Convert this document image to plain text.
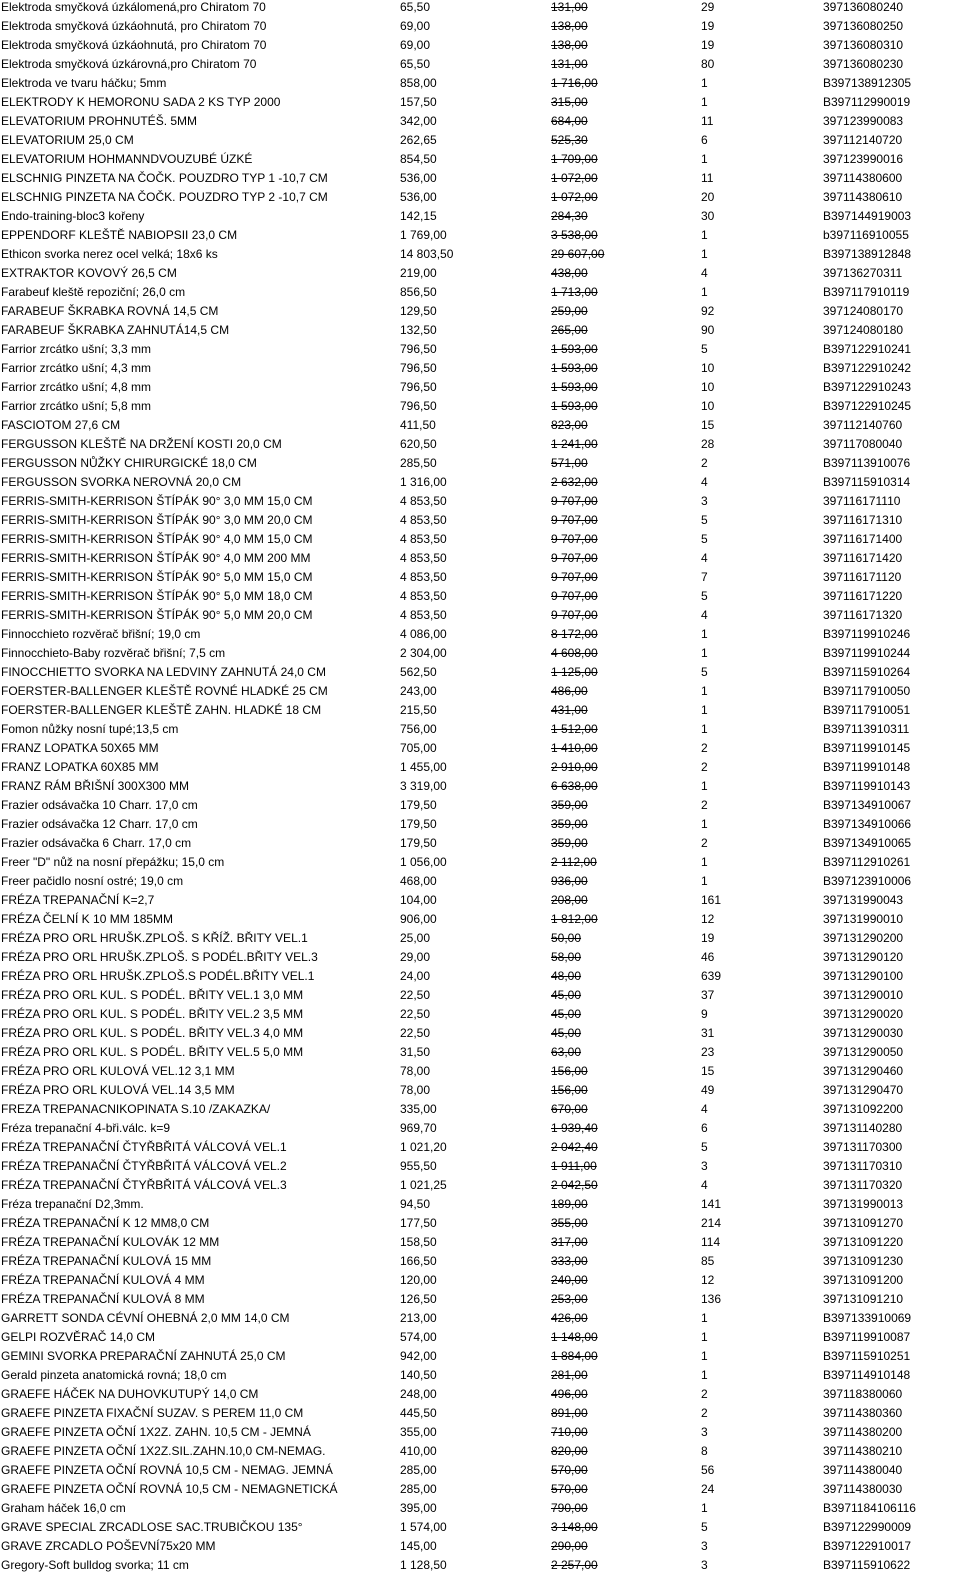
Elektroda smyčková úzkálomená,pro Chiratom 70	65,50	131,00	29	397136080240
Elektroda smyčková úzkáohnutá, pro Chiratom 70	69,00	138,00	19	397136080250
Elektroda smyčková úzkáohnutá, pro Chiratom 70	69,00	138,00	19	397136080310
Elektroda smyčková úzkárovná,pro Chiratom 70	65,50	131,00	80	397136080230
Elektroda ve tvaru háčku; 5mm	858,00	1 716,00	1	B397138912305
ELEKTRODY K HEMORONU SADA 2 KS TYP 2000	157,50	315,00	1	B397112990019
ELEVATORIUM PROHNUTÉŠ. 5MM	342,00	684,00	11	397123990083
ELEVATORIUM 25,0 CM	262,65	525,30	6	397112140720
ELEVATORIUM HOHMANNDVOUZUBÉ ÚZKÉ	854,50	1 709,00	1	397123990016
ELSCHNIG PINZETA NA ČOČK. POUZDRO TYP 1 -10,7 CM	536,00	1 072,00	11	397114380600
ELSCHNIG PINZETA NA ČOČK. POUZDRO TYP 2 -10,7 CM	536,00	1 072,00	20	397114380610
Endo-training-bloc3 kořeny	142,15	284,30	30	B397144919003
EPPENDORF KLEŠTĚ NABIOPSII 23,0 CM	1 769,00	3 538,00	1	b397116910055
Ethicon svorka nerez ocel velká; 18x6 ks	14 803,50	29 607,00	1	B397138912848
EXTRAKTOR KOVOVÝ 26,5 CM	219,00	438,00	4	397136270311
Farabeuf kleště repoziční; 26,0 cm	856,50	1 713,00	1	B397117910119
FARABEUF ŠKRABKA ROVNÁ 14,5 CM	129,50	259,00	92	397124080170
FARABEUF ŠKRABKA ZAHNUTÁ14,5 CM	132,50	265,00	90	397124080180
Farrior zrcátko ušní; 3,3 mm	796,50	1 593,00	5	B397122910241
Farrior zrcátko ušní; 4,3 mm	796,50	1 593,00	10	B397122910242
Farrior zrcátko ušní; 4,8 mm	796,50	1 593,00	10	B397122910243
Farrior zrcátko ušní; 5,8 mm	796,50	1 593,00	10	B397122910245
FASCIOTOM 27,6 CM	411,50	823,00	15	397112140760
FERGUSSON KLEŠTĚ NA DRŽENÍ KOSTI 20,0 CM	620,50	1 241,00	28	397117080040
FERGUSSON NŮŽKY CHIRURGICKÉ 18,0 CM	285,50	571,00	2	B397113910076
FERGUSSON SVORKA NEROVNÁ 20,0 CM	1 316,00	2 632,00	4	B397115910314
FERRIS-SMITH-KERRISON ŠTÍPÁK 90° 3,0 MM 15,0 CM	4 853,50	9 707,00	3	397116171110
FERRIS-SMITH-KERRISON ŠTÍPÁK 90° 3,0 MM 20,0 CM	4 853,50	9 707,00	5	397116171310
FERRIS-SMITH-KERRISON ŠTÍPÁK 90° 4,0 MM 15,0 CM	4 853,50	9 707,00	5	397116171400
FERRIS-SMITH-KERRISON ŠTÍPÁK 90° 4,0 MM 200 MM	4 853,50	9 707,00	4	397116171420
FERRIS-SMITH-KERRISON ŠTÍPÁK 90° 5,0 MM 15,0 CM	4 853,50	9 707,00	7	397116171120
FERRIS-SMITH-KERRISON ŠTÍPÁK 90° 5,0 MM 18,0 CM	4 853,50	9 707,00	5	397116171220
FERRIS-SMITH-KERRISON ŠTÍPÁK 90° 5,0 MM 20,0 CM	4 853,50	9 707,00	4	397116171320
Finnocchieto rozvěrač břišní; 19,0 cm	4 086,00	8 172,00	1	B397119910246
Finnocchieto-Baby rozvěrač břišní; 7,5 cm	2 304,00	4 608,00	1	B397119910244
FINOCCHIETTO SVORKA NA LEDVINY ZAHNUTÁ 24,0 CM	562,50	1 125,00	5	B397115910264
FOERSTER-BALLENGER KLEŠTĚ ROVNÉ HLADKÉ 25 CM	243,00	486,00	1	B397117910050
FOERSTER-BALLENGER KLEŠTĚ ZAHN. HLADKÉ 18 CM	215,50	431,00	1	B397117910051
Fomon nůžky nosní tupé;13,5 cm	756,00	1 512,00	1	B397113910311
FRANZ LOPATKA 50X65 MM	705,00	1 410,00	2	B397119910145
FRANZ LOPATKA 60X85 MM	1 455,00	2 910,00	2	B397119910148
FRANZ RÁM BŘIŠNÍ 300X300 MM	3 319,00	6 638,00	1	B397119910143
Frazier odsávačka 10 Charr. 17,0 cm	179,50	359,00	2	B397134910067
Frazier odsávačka 12 Charr. 17,0 cm	179,50	359,00	1	B397134910066
Frazier odsávačka 6 Charr. 17,0 cm	179,50	359,00	2	B397134910065
Freer "D" nůž na nosní přepážku; 15,0 cm	1 056,00	2 112,00	1	B397112910261
Freer pačidlo nosní ostré; 19,0 cm	468,00	936,00	1	B397123910006
FRÉZA TREPANAČNÍ K=2,7	104,00	208,00	161	397131990043
FRÉZA ČELNÍ K 10 MM 185MM	906,00	1 812,00	12	397131990010
FRÉZA PRO ORL HRUŠK.ZPLOŠ. S KŘÍŽ. BŘITY VEL.1	25,00	50,00	19	397131290200
FRÉZA PRO ORL HRUŠK.ZPLOŠ. S PODÉL.BŘITY VEL.3	29,00	58,00	46	397131290120
FRÉZA PRO ORL HRUŠK.ZPLOŠ.S PODÉL.BŘITY VEL.1	24,00	48,00	639	397131290100
FRÉZA PRO ORL KUL. S PODÉL. BŘITY VEL.1 3,0 MM	22,50	45,00	37	397131290010
FRÉZA PRO ORL KUL. S PODÉL. BŘITY VEL.2 3,5 MM	22,50	45,00	9	397131290020
FRÉZA PRO ORL KUL. S PODÉL. BŘITY VEL.3 4,0 MM	22,50	45,00	31	397131290030
FRÉZA PRO ORL KUL. S PODÉL. BŘITY VEL.5 5,0 MM	31,50	63,00	23	397131290050
FRÉZA PRO ORL KULOVÁ VEL.12 3,1 MM	78,00	156,00	15	397131290460
FRÉZA PRO ORL KULOVÁ VEL.14 3,5 MM	78,00	156,00	49	397131290470
FREZA TREPANACNIKOPINATA S.10 /ZAKAZKA/	335,00	670,00	4	397131092200
Fréza trepanační 4-bři.válc. k=9	969,70	1 939,40	6	397131140280
FRÉZA TREPANAČNÍ ČTYŘBŘITÁ VÁLCOVÁ VEL.1	1 021,20	2 042,40	5	397131170300
FRÉZA TREPANAČNÍ ČTYŘBŘITÁ VÁLCOVÁ VEL.2	955,50	1 911,00	3	397131170310
FRÉZA TREPANAČNÍ ČTYŘBŘITÁ VÁLCOVÁ VEL.3	1 021,25	2 042,50	4	397131170320
Fréza trepanační D2,3mm.	94,50	189,00	141	397131990013
FRÉZA TREPANAČNÍ K 12 MM8,0 CM	177,50	355,00	214	397131091270
FRÉZA TREPANAČNÍ KULOVÁK 12 MM	158,50	317,00	114	397131091220
FRÉZA TREPANAČNÍ KULOVÁ 15 MM	166,50	333,00	85	397131091230
FRÉZA TREPANAČNÍ KULOVÁ 4 MM	120,00	240,00	12	397131091200
FRÉZA TREPANAČNÍ KULOVÁ 8 MM	126,50	253,00	136	397131091210
GARRETT SONDA CÉVNÍ OHEBNÁ 2,0 MM 14,0 CM	213,00	426,00	1	B397133910069
GELPI ROZVĚRAČ 14,0 CM	574,00	1 148,00	1	B397119910087
GEMINI SVORKA PREPARAČNÍ ZAHNUTÁ 25,0 CM	942,00	1 884,00	1	B397115910251
Gerald pinzeta anatomická rovná; 18,0 cm	140,50	281,00	1	B397114910148
GRAEFE HÁČEK NA DUHOVKUTUPÝ 14,0 CM	248,00	496,00	2	397118380060
GRAEFE PINZETA FIXAČNÍ SUZAV. S PEREM 11,0 CM	445,50	891,00	2	397114380360
GRAEFE PINZETA OČNÍ 1X2Z. ZAHN. 10,5 CM - JEMNÁ	355,00	710,00	3	397114380200
GRAEFE PINZETA OČNÍ 1X2Z.SIL.ZAHN.10,0 CM-NEMAG.	410,00	820,00	8	397114380210
GRAEFE PINZETA OČNÍ ROVNÁ 10,5 CM - NEMAG. JEMNÁ	285,00	570,00	56	397114380040
GRAEFE PINZETA OČNÍ ROVNÁ 10,5 CM - NEMAGNETICKÁ	285,00	570,00	24	397114380030
Graham háček 16,0 cm	395,00	790,00	1	B3971184106116
GRAVE SPECIAL ZRCADLOSE SAC.TRUBIČKOU 135°	1 574,00	3 148,00	5	B397122990009
GRAVE ZRCADLO POŠEVNÍ75x20 MM	145,00	290,00	3	B397122910017
Gregory-Soft bulldog svorka; 11 cm	1 128,50	2 257,00	3	B397115910622
